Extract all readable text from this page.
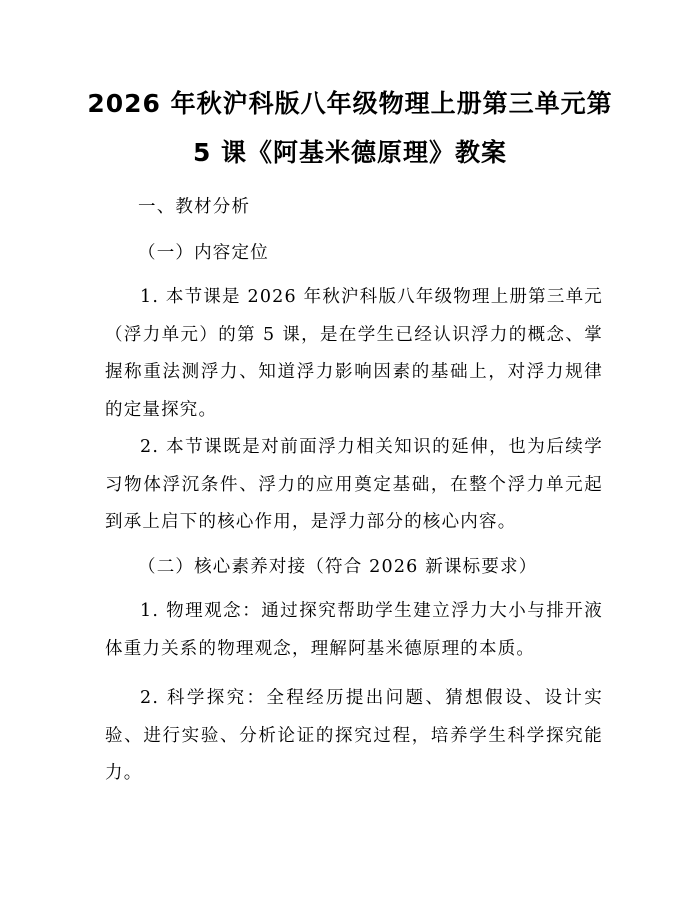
2026 年秋沪科版八年级物理上册第三单元第
5 课《阿基米德原理》教案

一、教材分析

（一）内容定位

1. 本节课是 2026 年秋沪科版八年级物理上册第三单元（浮力单元）的第 5 课，是在学生已经认识浮力的概念、掌握称重法测浮力、知道浮力影响因素的基础上，对浮力规律的定量探究。

2. 本节课既是对前面浮力相关知识的延伸，也为后续学习物体浮沉条件、浮力的应用奠定基础，在整个浮力单元起到承上启下的核心作用，是浮力部分的核心内容。

（二）核心素养对接（符合 2026 新课标要求）

1. 物理观念：通过探究帮助学生建立浮力大小与排开液体重力关系的物理观念，理解阿基米德原理的本质。

2. 科学探究：全程经历提出问题、猜想假设、设计实验、进行实验、分析论证的探究过程，培养学生科学探究能力。
